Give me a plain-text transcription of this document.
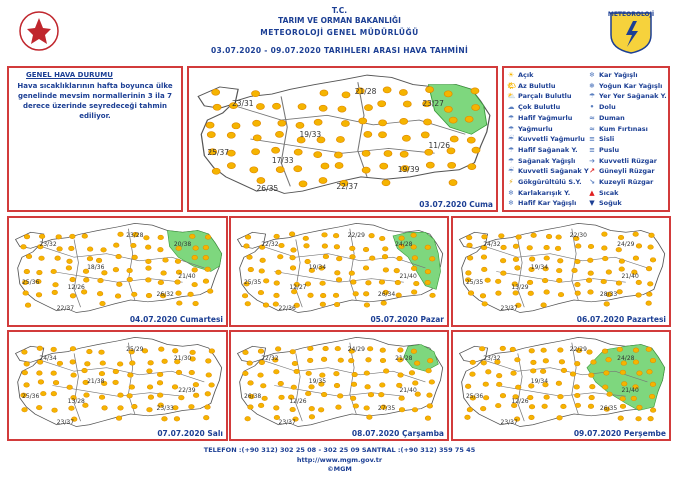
T.C.
TARIM VE ORMAN BAKANLIĞI
METEOROLOJİ GENEL MÜDÜRLÜĞÜ
03.07.2020 - 09.07.2020 TARIHLERI ARASI HAVA TAHMİNİ
METEOROLOJİ
GENEL HAVA DURUMU
Hava sıcaklıklarının hafta boyunca ülke genelinde mevsim normallerinin 3 ila 7 derece üzerinde seyredeceği tahmin ediliyor.
23/31
21/28
23/27
19/33
17/33
25/37
11/26
19/39
26/35	22/37
03.07.2020 Cuma
☀ Açık
🌤 Az Bulutlu
⛅ Parçalı Bulutlu
☁ Çok Bulutlu
☂ Hafif Yağmurlu
☂ Yağmurlu
☔ Kuvvetli Yağmurlu
☂ Hafif Sağanak Y.
☂ Sağanak Yağışlı
☔ Kuvvetli Sağanak Y
⚡ Gökgürültülü S.Y.
❄ Karlakarışık Y.
❄ Hafif Kar Yağışlı
❄ Kar Yağışlı
❅ Yoğun Kar Yağışlı
☂ Yer Yer Sağanak Y.
• Dolu
≈ Duman
≈ Kum Fırtınası
≡ Sisli
≡ Puslu
➔ Kuvvetli Rüzgar
↗ Güneyli Rüzgar
↘ Kuzeyli Rüzgar
▲ Sıcak
▼ Soğuk
23/32
23/28
20/38
18/36
12/26
25/36
21/40
26/32
22/37
04.07.2020 Cumartesi
22/32
22/29
24/28
19/34
12/27
25/35
21/40
26/34
22/36
05.07.2020 Pazar
24/32
22/30
24/29
19/34
13/29
25/35
21/40
28/33
23/37
06.07.2020 Pazartesi
24/34
25/29
21/30
21/38
13/28
25/36
22/39
23/33
23/37
07.07.2020 Salı
22/32
24/29
21/28
19/35
12/26
26/38
21/40
27/35
23/37
08.07.2020 Çarşamba
23/32
22/29
24/28
19/34
12/26
25/36
21/40
26/35
23/37
09.07.2020 Perşembe
TELEFON :(+90 312) 302 25 08 - 302 25 09 SANTRAL :(+90 312) 359 75 45
http://www.mgm.gov.tr
©MGM
